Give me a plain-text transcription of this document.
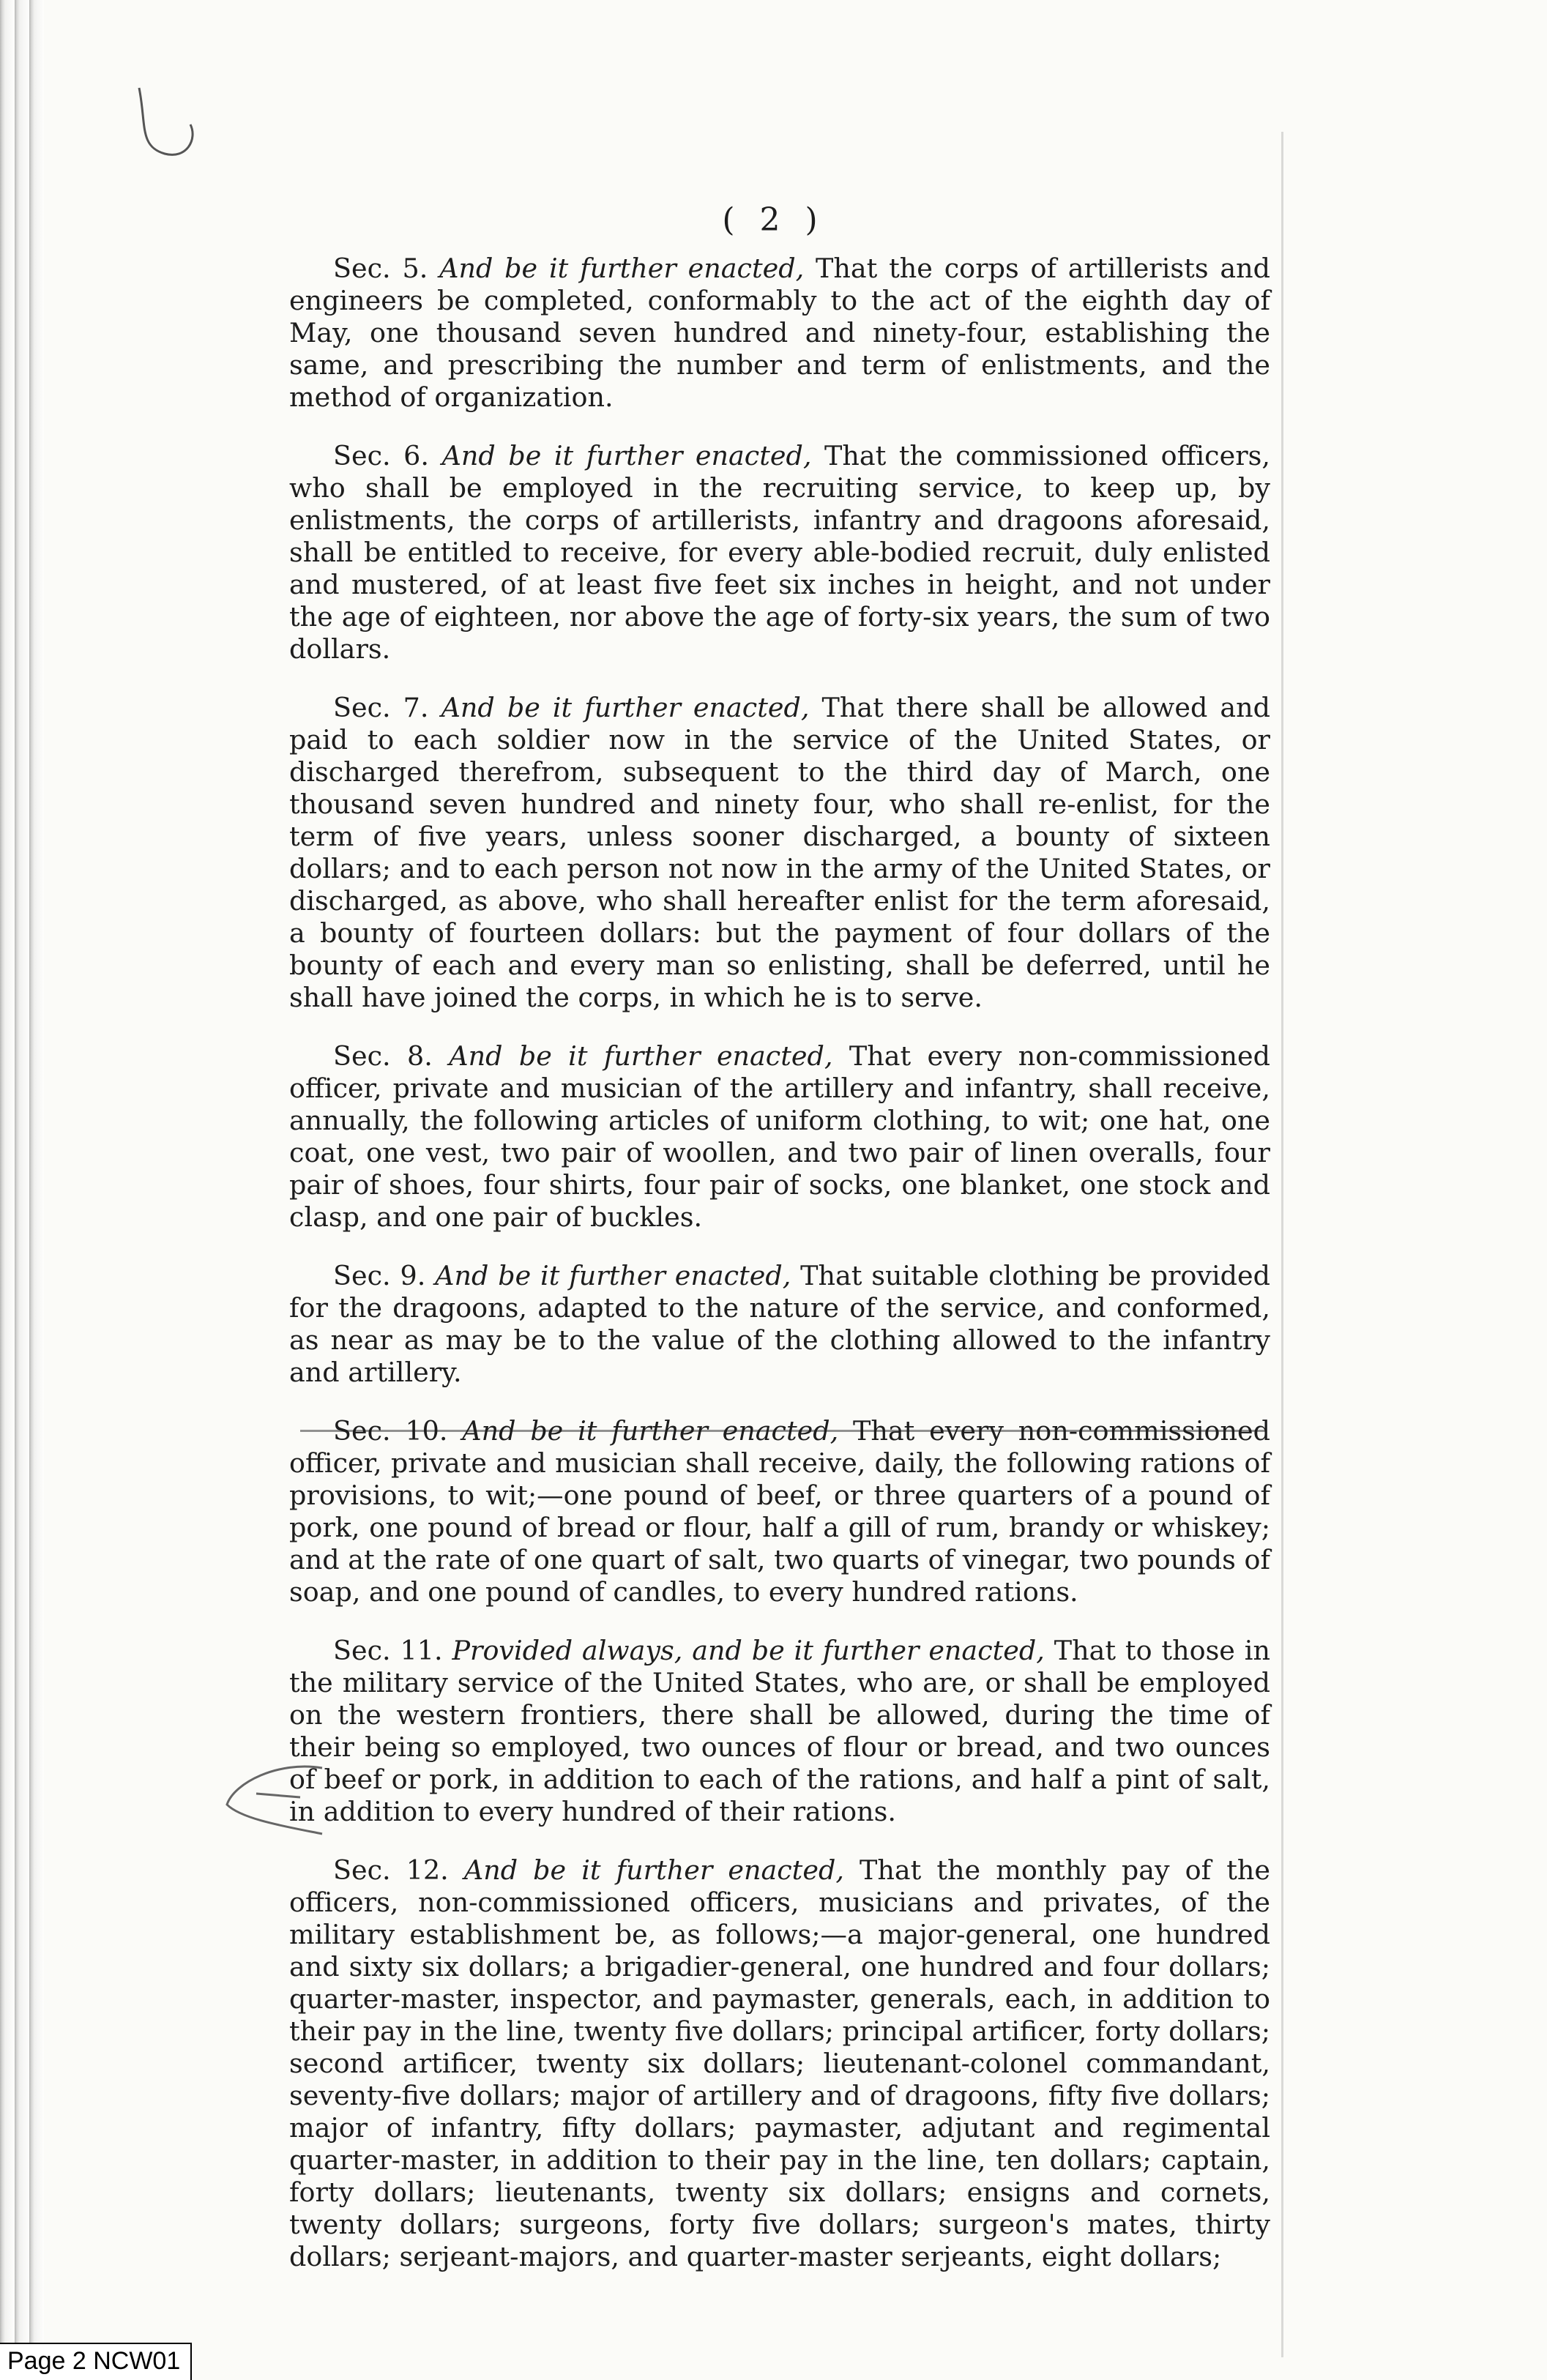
( 2 )

Sec. 5. And be it further enacted, That the corps of artillerists and engineers be completed, conformably to the act of the eighth day of May, one thousand seven hundred and ninety-four, establishing the same, and prescribing the number and term of enlistments, and the method of organization.

Sec. 6. And be it further enacted, That the commissioned officers, who shall be employed in the recruiting service, to keep up, by enlistments, the corps of artillerists, infantry and dragoons aforesaid, shall be entitled to receive, for every able-bodied recruit, duly enlisted and mustered, of at least five feet six inches in height, and not under the age of eighteen, nor above the age of forty-six years, the sum of two dollars.

Sec. 7. And be it further enacted, That there shall be allowed and paid to each soldier now in the service of the United States, or discharged therefrom, subsequent to the third day of March, one thousand seven hundred and ninety four, who shall re-enlist, for the term of five years, unless sooner discharged, a bounty of sixteen dollars; and to each person not now in the army of the United States, or discharged, as above, who shall hereafter enlist for the term aforesaid, a bounty of fourteen dollars: but the payment of four dollars of the bounty of each and every man so enlisting, shall be deferred, until he shall have joined the corps, in which he is to serve.

Sec. 8. And be it further enacted, That every non-commissioned officer, private and musician of the artillery and infantry, shall receive, annually, the following articles of uniform clothing, to wit; one hat, one coat, one vest, two pair of woollen, and two pair of linen overalls, four pair of shoes, four shirts, four pair of socks, one blanket, one stock and clasp, and one pair of buckles.

Sec. 9. And be it further enacted, That suitable clothing be provided for the dragoons, adapted to the nature of the service, and conformed, as near as may be to the value of the clothing allowed to the infantry and artillery.

Sec. 10. And be it further enacted, That every non-commissioned officer, private and musician shall receive, daily, the following rations of provisions, to wit;—one pound of beef, or three quarters of a pound of pork, one pound of bread or flour, half a gill of rum, brandy or whiskey; and at the rate of one quart of salt, two quarts of vinegar, two pounds of soap, and one pound of candles, to every hundred rations.

Sec. 11. Provided always, and be it further enacted, That to those in the military service of the United States, who are, or shall be employed on the western frontiers, there shall be allowed, during the time of their being so employed, two ounces of flour or bread, and two ounces of beef or pork, in addition to each of the rations, and half a pint of salt, in addition to every hundred of their rations.

Sec. 12. And be it further enacted, That the monthly pay of the officers, non-commissioned officers, musicians and privates, of the military establishment be, as follows;—a major-general, one hundred and sixty six dollars; a brigadier-general, one hundred and four dollars; quarter-master, inspector, and paymaster, generals, each, in addition to their pay in the line, twenty five dollars; principal artificer, forty dollars; second artificer, twenty six dollars; lieutenant-colonel commandant, seventy-five dollars; major of artillery and of dragoons, fifty five dollars; major of infantry, fifty dollars; paymaster, adjutant and regimental quarter-master, in addition to their pay in the line, ten dollars; captain, forty dollars; lieutenants, twenty six dollars; ensigns and cornets, twenty dollars; surgeons, forty five dollars; surgeon's mates, thirty dollars; serjeant-majors, and quarter-master serjeants, eight dollars;

Page 2 NCW01
